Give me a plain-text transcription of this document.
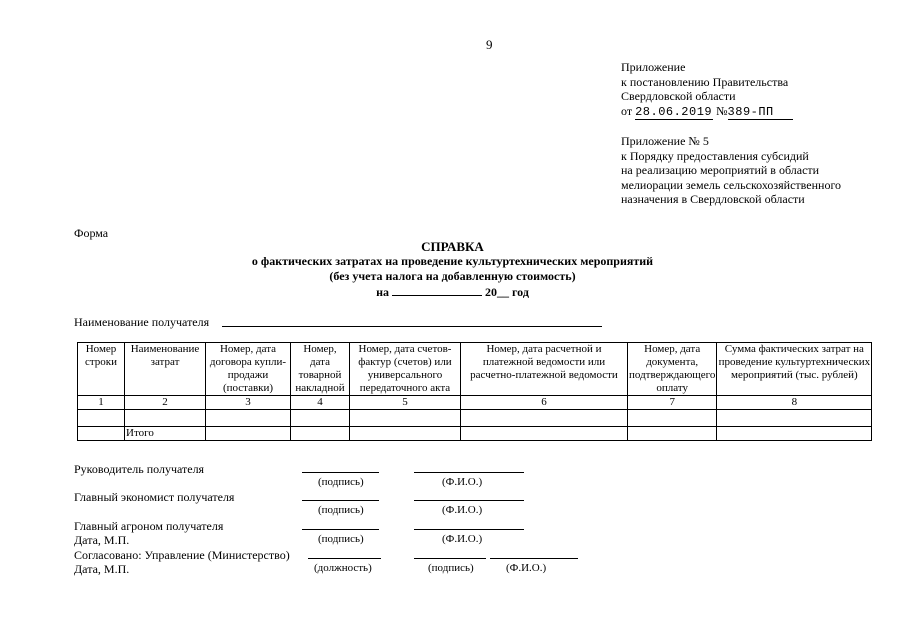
9
Приложение
к постановлению Правительства
Свердловской области
от 28.06.2019 №389-ПП
Приложение № 5
к Порядку предоставления субсидий
на реализацию мероприятий в области
мелиорации земель сельскохозяйственного
назначения в Свердловской области
Форма
СПРАВКА
о фактических затратах на проведение культуртехнических мероприятий
(без учета налога на добавленную стоимость)
на	20__ год
Наименование получателя
Номер строки	Наименование затрат	Номер, дата договора купли-продажи (поставки)	Номер, дата товарной накладной	Номер, дата счетов-фактур (счетов) или универсального передаточного акта	Номер, дата расчетной и платежной ведомости или расчетно-платежной ведомости	Номер, дата документа, подтверждающего оплату	Сумма фактических затрат на проведение культуртехнических мероприятий (тыс. рублей)
1	2	3	4	5	6	7	8

	Итого						
Руководитель получателя
(подпись)	(Ф.И.О.)
Главный экономист получателя
(подпись)	(Ф.И.О.)
Главный агроном получателя
Дата, М.П.	(подпись)	(Ф.И.О.)
Согласовано: Управление (Министерство)
Дата, М.П.	(должность)	(подпись)	(Ф.И.О.)
